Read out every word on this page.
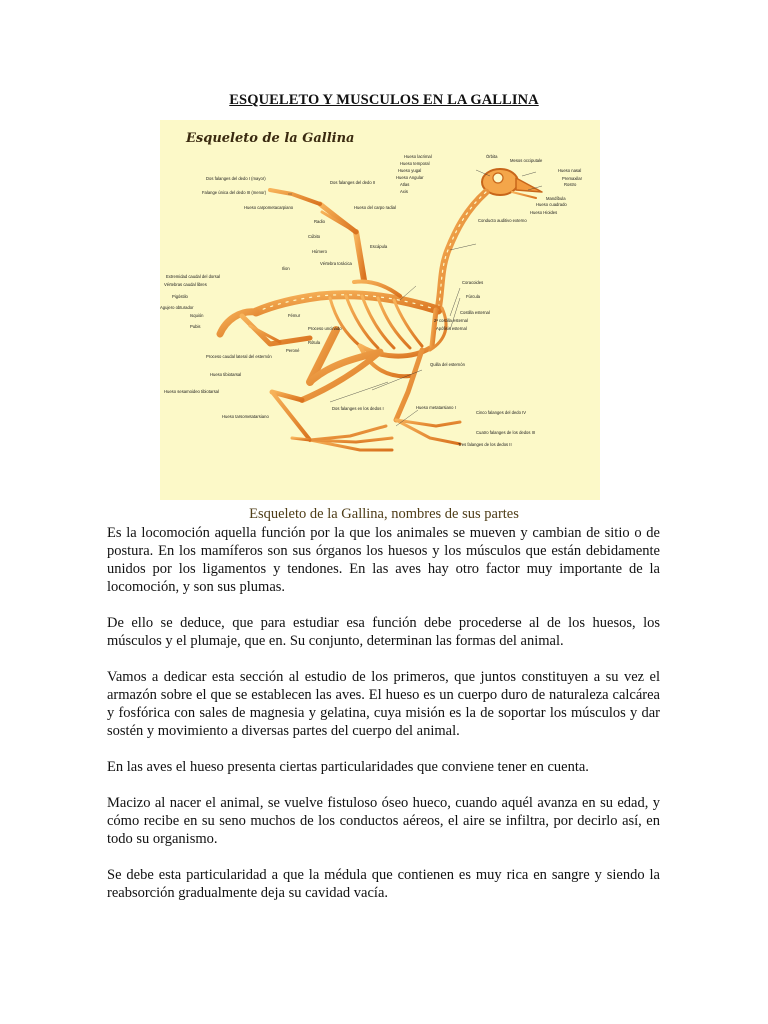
ESQUELETO Y MUSCULOS EN LA GALLINA
Esqueleto de la Gallina
Hueso lacrimal	Órbita
Hueso temporal
Mesos occiputale
Hueso yugal	Hueso nasal
Hueso Angular
Atlas
Axis
Premaxilar
Rostro
Mandíbula
Hueso cuadrado
Hueso Hioides
Conducto auditivo externo
Dos falanges del dedo I (mayor)
Falange única del dedo III (menor)
Hueso carpometacarpiano
Dos falanges del dedo II
Hueso del carpo radial
Radio
Cúbito
Húmero
Escápula
Vértebra torácica
Extremidad caudal del dorsal
Vértebras caudal libres
Pigóstilo
Agujero obturador
Isquión
Pubis
Ilion
Proceso uncinado
Fémur
Rótula
Peroné
Proceso caudal lateral del esternón
Hueso tibiotarsal
Quilla del esternón
Hueso sesamoideo tibiotarsal
Hueso tarsometatarsiano
Dos falanges en los dedos I	Hueso metatarsiano I
Cinco falanges del dedo IV
Cuatro falanges de los dedos III
Tres falanges de los dedos II
Coracoides
Fúrcula
Costilla esternal
Apófisis esternal
2ª costilla esternal
Esqueleto de la Gallina, nombres de sus partes

Es la locomoción aquella función por la que los animales se mueven y cambian de sitio o de postura. En los mamíferos son sus órganos los huesos y los músculos que están debidamente unidos por los ligamentos y tendones. En las aves hay otro factor muy importante de la locomoción, y son sus plumas.

De ello se deduce, que para estudiar esa función debe procederse al de los huesos, los músculos y el plumaje, que en. Su conjunto, determinan las formas del animal.

Vamos a dedicar esta sección al estudio de los primeros, que juntos constituyen a su vez el armazón sobre el que se establecen las aves. El hueso es un cuerpo duro de naturaleza calcárea y fosfórica con sales de magnesia y gelatina, cuya misión es la de soportar los músculos y dar sostén y movimiento a diversas partes del cuerpo del animal.

En las aves el hueso presenta ciertas particularidades que conviene tener en cuenta.

Macizo al nacer el animal, se vuelve fistuloso óseo hueco, cuando aquél avanza en su edad, y cómo recibe en su seno muchos de los conductos aéreos, el aire se infiltra, por decirlo así, en todo su organismo.

Se debe esta particularidad a que la médula que contienen es muy rica en sangre y siendo la reabsorción gradualmente deja su cavidad vacía.
